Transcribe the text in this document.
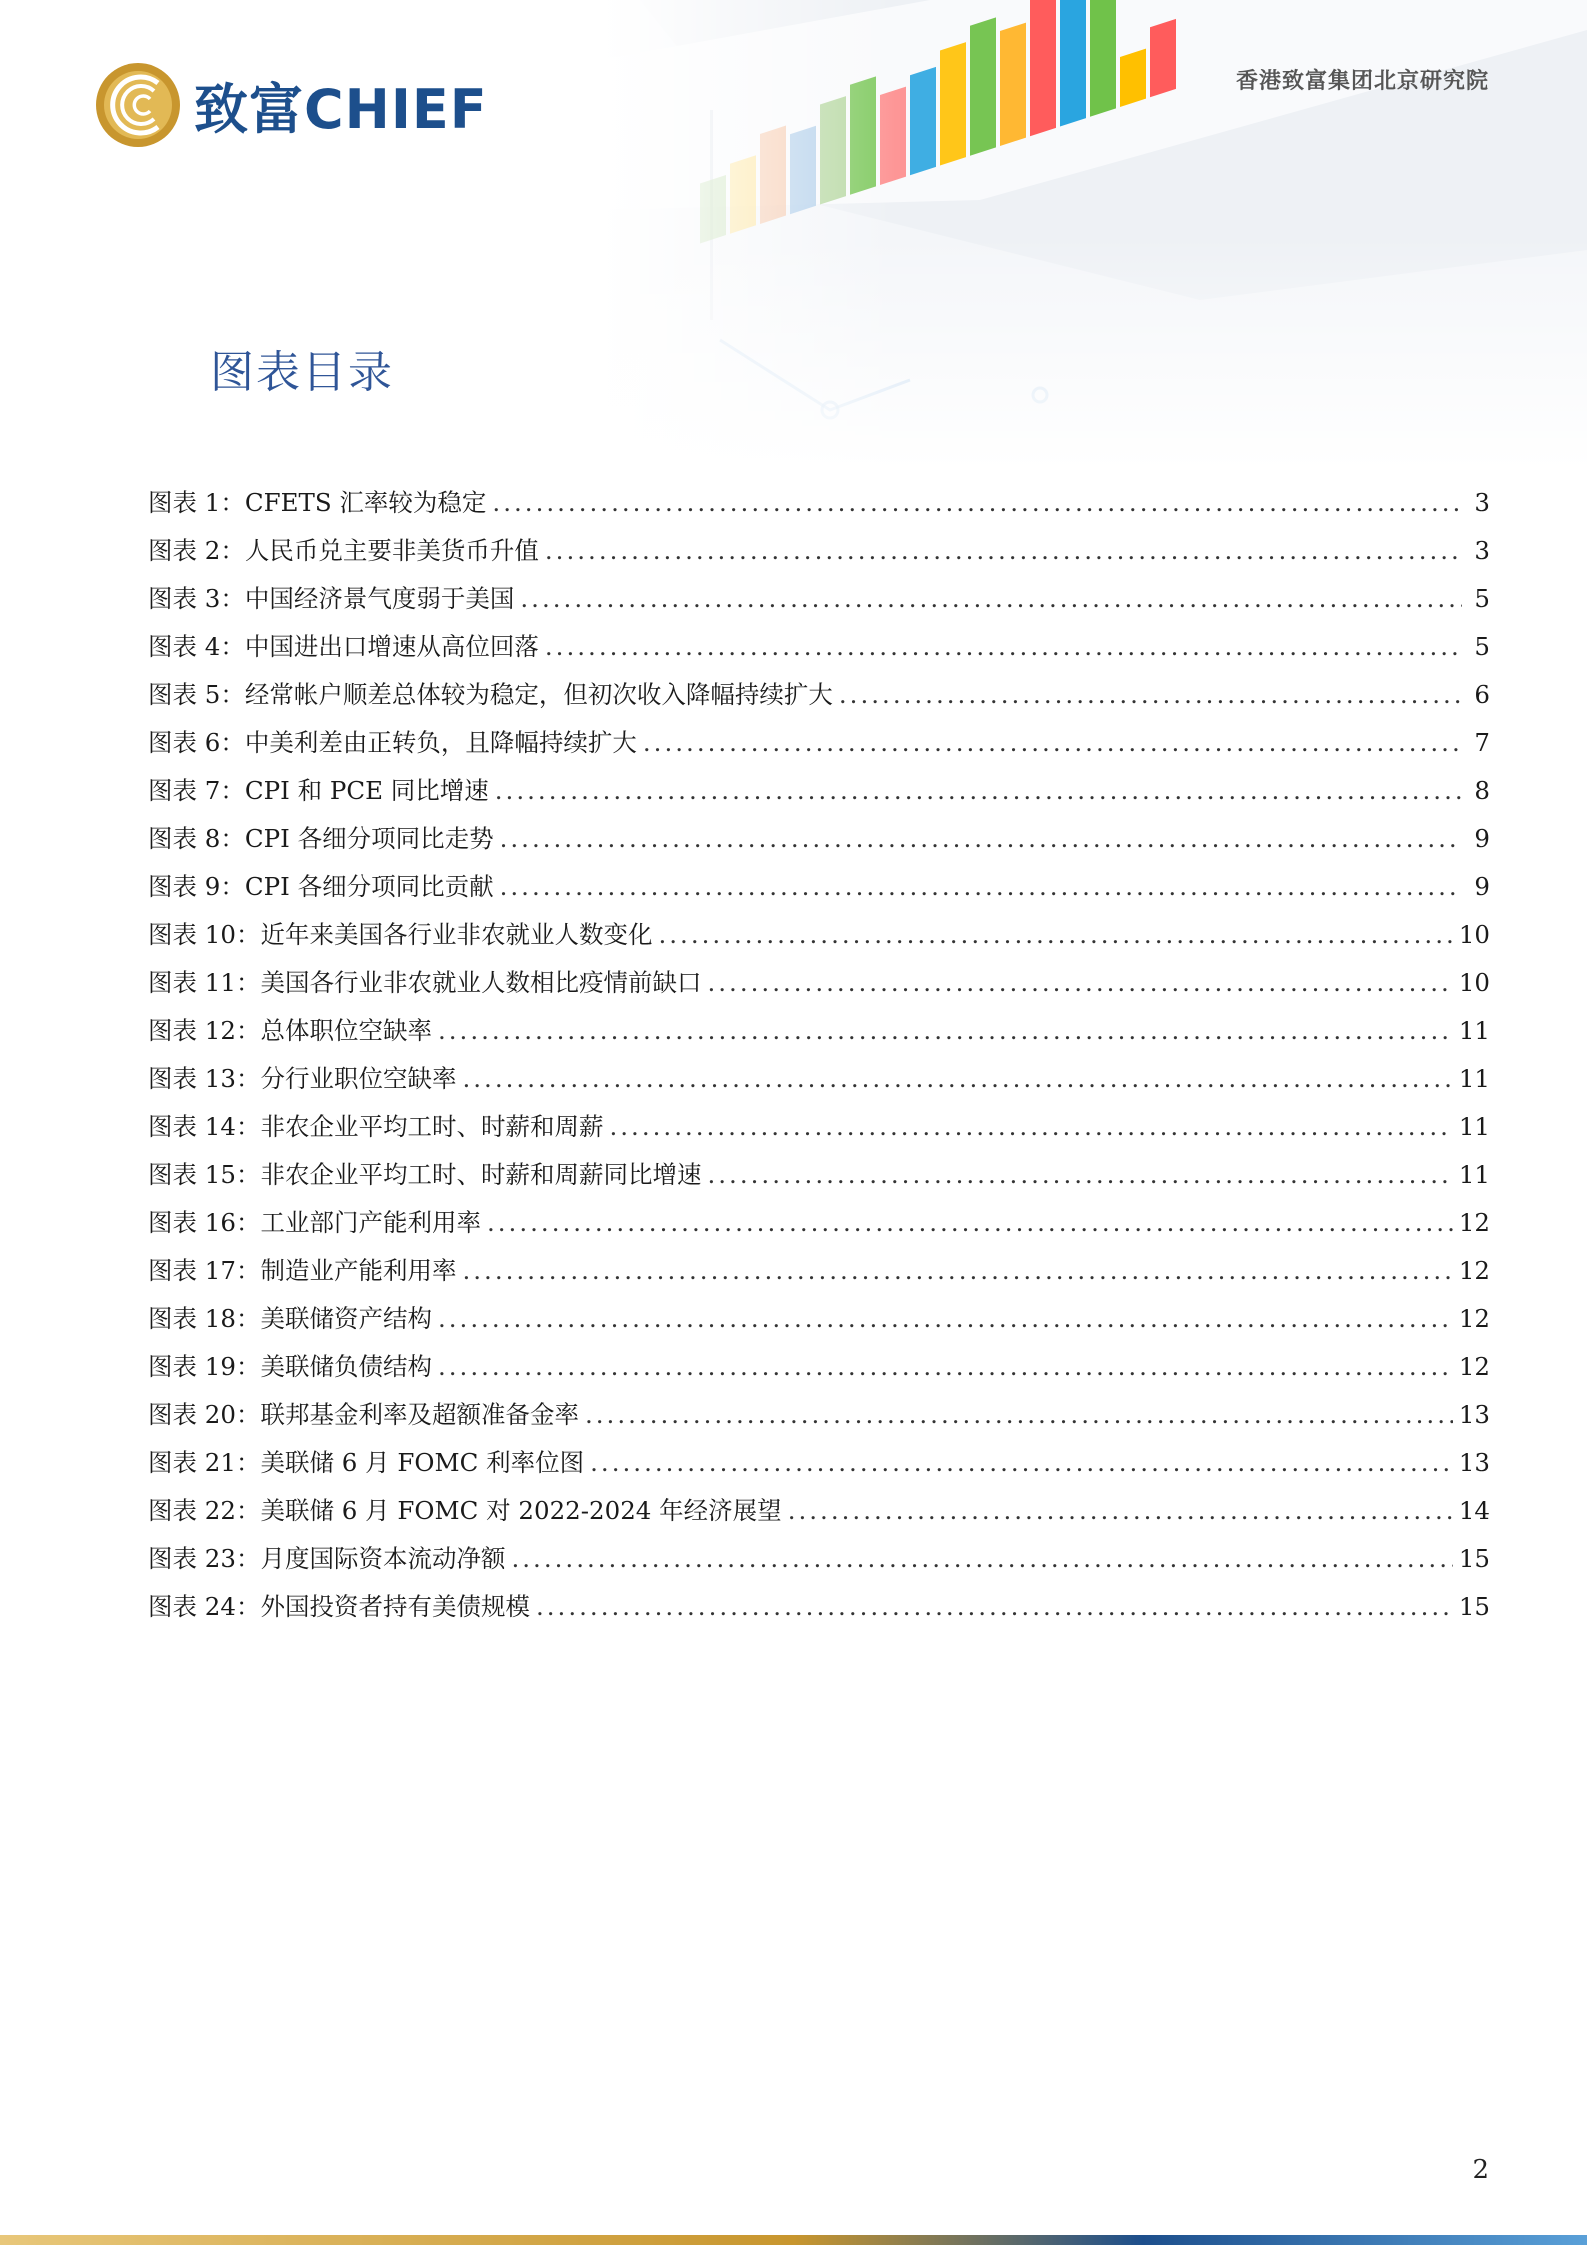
致富CHIEF	香港致富集团北京研究院
图表目录
图表 1：CFETS 汇率较为稳定 .....	3
图表 2：人民币兑主要非美货币升值 .....	3
图表 3：中国经济景气度弱于美国 .....	5
图表 4：中国进出口增速从高位回落 .....	5
图表 5：经常帐户顺差总体较为稳定，但初次收入降幅持续扩大 .....	6
图表 6：中美利差由正转负，且降幅持续扩大 .....	7
图表 7：CPI 和 PCE 同比增速 .....	8
图表 8：CPI 各细分项同比走势 .....	9
图表 9：CPI 各细分项同比贡献 .....	9
图表 10：近年来美国各行业非农就业人数变化 .....	10
图表 11：美国各行业非农就业人数相比疫情前缺口 .....	10
图表 12：总体职位空缺率 .....	11
图表 13：分行业职位空缺率 .....	11
图表 14：非农企业平均工时、时薪和周薪 .....	11
图表 15：非农企业平均工时、时薪和周薪同比增速 .....	11
图表 16：工业部门产能利用率 .....	12
图表 17：制造业产能利用率 .....	12
图表 18：美联储资产结构 .....	12
图表 19：美联储负债结构 .....	12
图表 20：联邦基金利率及超额准备金率 .....	13
图表 21：美联储 6 月 FOMC 利率位图 .....	13
图表 22：美联储 6 月 FOMC 对 2022-2024 年经济展望 .....	14
图表 23：月度国际资本流动净额 .....	15
图表 24：外国投资者持有美债规模 .....	15
2
